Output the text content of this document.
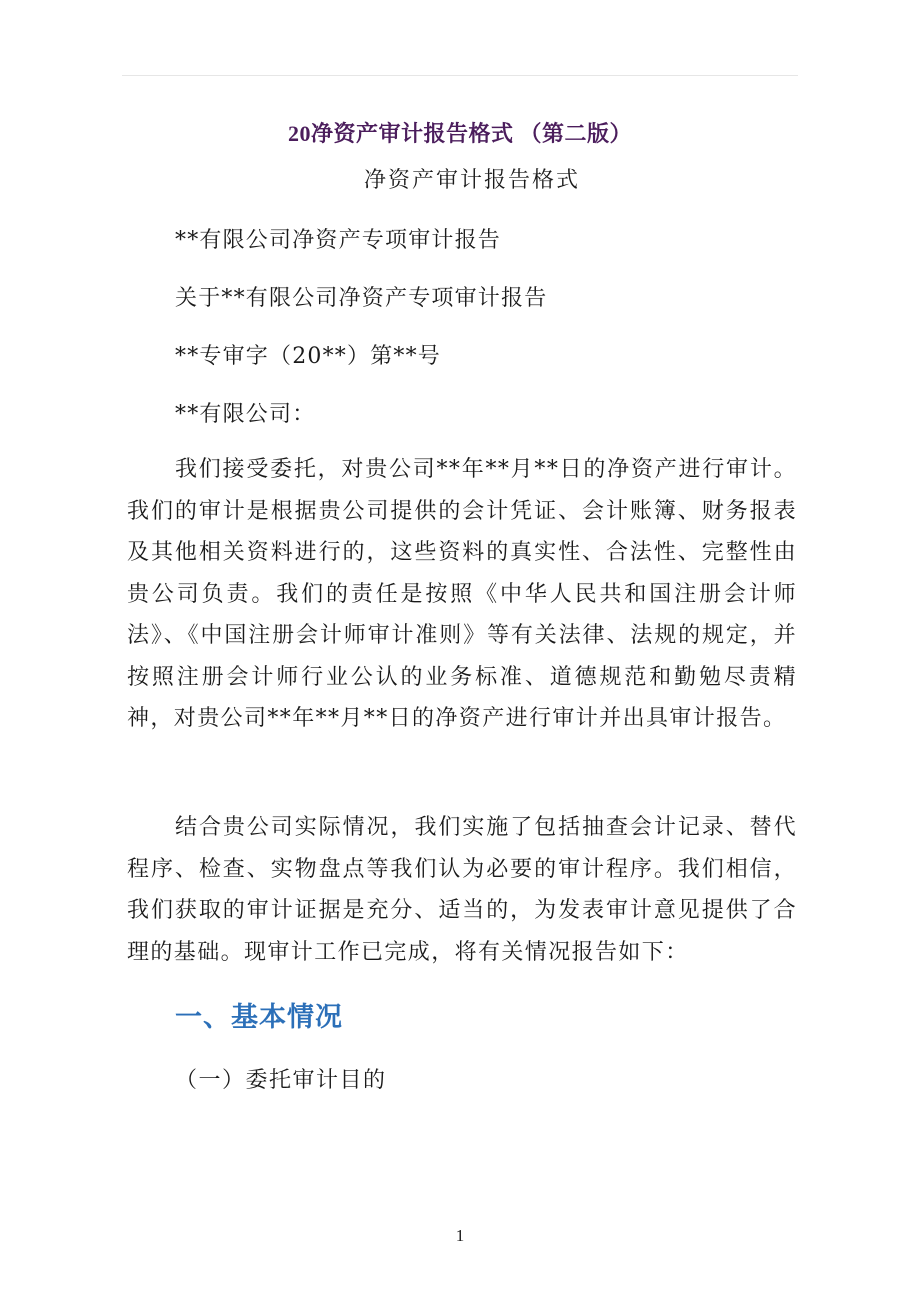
20净资产审计报告格式 （第二版）
净资产审计报告格式
**有限公司净资产专项审计报告
关于**有限公司净资产专项审计报告
**专审字（20**）第**号
**有限公司：
我们接受委托，对贵公司**年**月**日的净资产进行审计。我们的审计是根据贵公司提供的会计凭证、会计账簿、财务报表及其他相关资料进行的，这些资料的真实性、合法性、完整性由贵公司负责。我们的责任是按照《中华人民共和国注册会计师法》、《中国注册会计师审计准则》等有关法律、法规的规定，并按照注册会计师行业公认的业务标准、道德规范和勤勉尽责精神，对贵公司**年**月**日的净资产进行审计并出具审计报告。
结合贵公司实际情况，我们实施了包括抽查会计记录、替代程序、检查、实物盘点等我们认为必要的审计程序。我们相信，我们获取的审计证据是充分、适当的，为发表审计意见提供了合理的基础。现审计工作已完成，将有关情况报告如下：
一、基本情况
（一）委托审计目的
1
